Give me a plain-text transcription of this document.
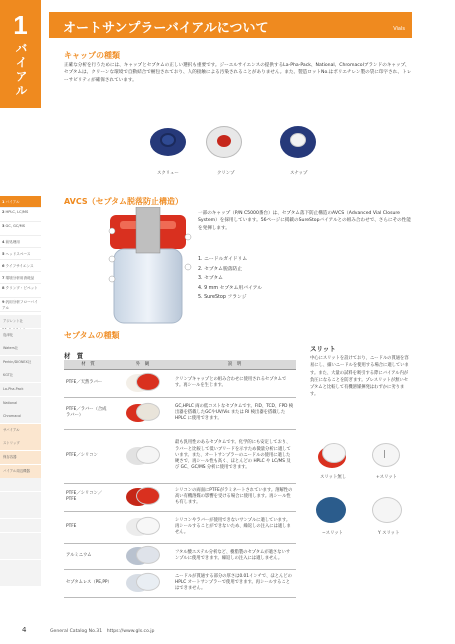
1
バイアル
1バイアル
2HPLC, LC/MS
3GC, GC/MS
4前処理用
5ヘッドスペース
6ライフサイエンス
7環境分析用消耗品
8クリンプ・ピペット
9汎用分析フローバイアル
アジレント社
島津化
Waters社
Perkin/DIONEX社
KGT社
La-Pha-Pack
National
Chromacol
サバイアル
ストリップ
保存容器
バイアル周辺機器
オートサンプラーバイアルについて	Vials
キャップの種類
正確な分析を行うためには、キャップとセプタムの正しい選択も重要です。ジーエルサイエンスの提供するLa-Pha-Pack、National、Chromacolブランドのキャップ、セプタムは、クリーンな環境で自動結合で梱包されており、人的接触による汚染されることがありません。また、製造ロットNo.はポリエチレン製の袋に印字され、トレーサビリティが確保されています。
スクリュー	クリンプ	スナップ
AVCS（セプタム脱落防止構造）
一部のキャップ（P/N C5000番台）は、セプタム落下防止構造のAVCS（Advanced Vial Closure System）を採用しています。56ページに掲載のSureStopバイアルとの組み合わせで、さらにその性能を発揮します。
1. ニードルガイドリム
2. セプタム脱落防止
3. セプタム
4. 9 mm セプタム用バイアル
5. SureStop フランジ
セプタムの種類
材　質
材　質	外　観	説　明
PTFE／天然ラバー		クリンプキャップとの組み合わせに使用されるセプタムです。再シールを生じます。
PTFE／ラバー（合成ラバー）		GC,HPLC 両の低コストなセプタムです。FID、TCD、FPD 検出器を搭載したGCやUV/Vis または RI 検出器を搭載した HPLC に使用できます。
PTFE／シリコン		最も汎用性のあるセプタムです。化学的にも安定しており、ラバーと比較して低いブリードを示すため微量分析に適しています。また、オートサンプラーのニードルの使用に適した硬さで、再シール性も高く、ほとんどの HPLC や LC/MS 及び GC、GC/MS 分析に使用できます。
PTFE／シリコン／PTFE		シリコンの両面にPTFEがラミネートされています。溶解性の高い有機溶媒の影響を受ける場合に使用します。再シール性も有します。
PTFE		シリコンやラバーが使用できないサンプルに適しています。再シールすることができないため、繰返しの注入には適しません。
アルミニウム		フタル酸エステル分析など、樹脂製のセプタムが適さないサンプルに使用できます。繰返しの注入には適しません。
セプタムレス（PE,PP）		ニードルが貫通する部分の厚さは0.01インチで、ほとんどの HPLC オートサンプラーで使用できます。再シールすることはできません。
スリット
中心にスリットを設けており、ニードルの貫通を容易にし、細いニードルを使用する場合に適しています。また、大量の試料を吸引する際にバイアル内が負圧になることを防ぎます。プレスリットが無いセプタムと比較して有機溶媒揮発はわずかに劣ります。
スリット無し	+スリット
−スリット	Y スリット
4	General Catalog No.31　https://www.gls.co.jp
